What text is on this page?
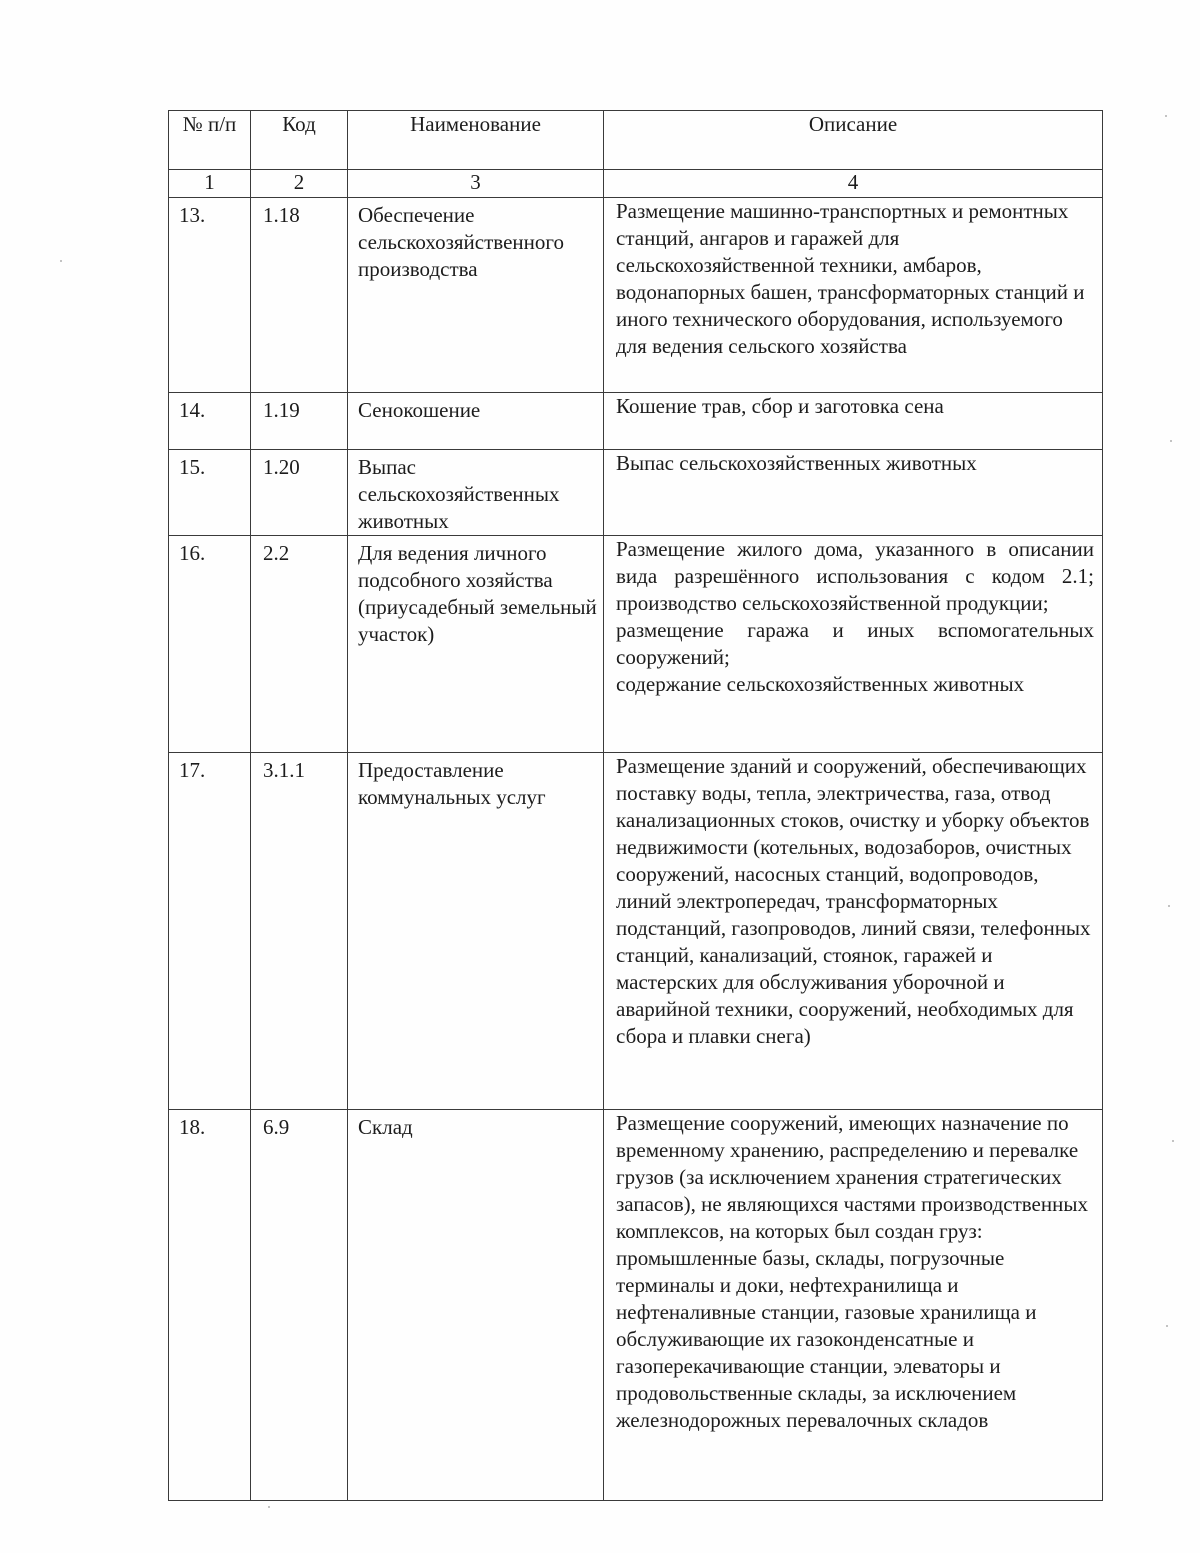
№ п/п	Код	Наименование	Описание
1	2	3	4
13.	1.18	Обеспечение сельскохозяйственного производства	Размещение машинно-транспортных и ремонтных станций, ангаров и гаражей для сельскохозяйственной техники, амбаров, водонапорных башен, трансформаторных станций и иного технического оборудования, используемого для ведения сельского хозяйства

14.	1.19	Сенокошение	Кошение трав, сбор и заготовка сена

15.	1.20	Выпас сельскохозяйственных животных	Выпас сельскохозяйственных животных

16.	2.2	Для ведения личного подсобного хозяйства (приусадебный земельный участок)	Размещение жилого дома, указанного в описании вида разрешённого использования с кодом 2.1;
производство сельскохозяйственной продукции;
размещение гаража и иных вспомогательных сооружений;
содержание сельскохозяйственных животных

17.	3.1.1	Предоставление коммунальных услуг	Размещение зданий и сооружений, обеспечивающих поставку воды, тепла, электричества, газа, отвод канализационных стоков, очистку и уборку объектов недвижимости (котельных, водозаборов, очистных сооружений, насосных станций, водопроводов, линий электропередач, трансформаторных подстанций, газопроводов, линий связи, телефонных станций, канализаций, стоянок, гаражей и мастерских для обслуживания уборочной и аварийной техники, сооружений, необходимых для сбора и плавки снега)

18.	6.9	Склад	Размещение сооружений, имеющих назначение по временному хранению, распределению и перевалке грузов (за исключением хранения стратегических запасов), не являющихся частями производственных комплексов, на которых был создан груз: промышленные базы, склады, погрузочные терминалы и доки, нефтехранилища и нефтеналивные станции, газовые хранилища и обслуживающие их газоконденсатные и газоперекачивающие станции, элеваторы и продовольственные склады, за исключением железнодорожных перевалочных складов
